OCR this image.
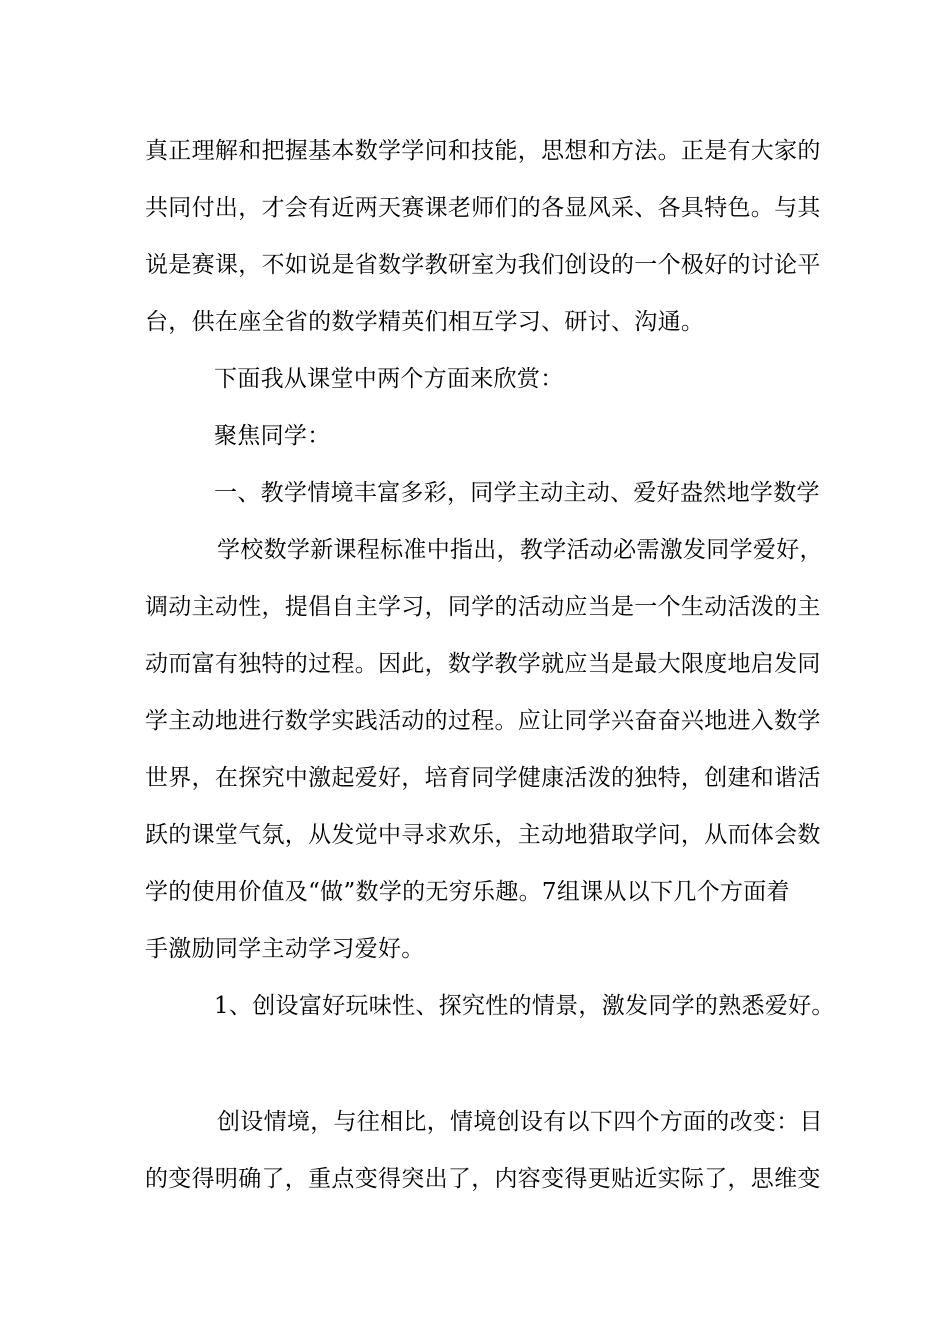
真正理解和把握基本数学学问和技能，思想和方法。正是有大家的
共同付出，才会有近两天赛课老师们的各显风采、各具特色。与其
说是赛课，不如说是省数学教研室为我们创设的一个极好的讨论平
台，供在座全省的数学精英们相互学习、研讨、沟通。
下面我从课堂中两个方面来欣赏：
聚焦同学：
一、教学情境丰富多彩，同学主动主动、爱好盎然地学数学
学校数学新课程标准中指出，教学活动必需激发同学爱好，
调动主动性，提倡自主学习，同学的活动应当是一个生动活泼的主
动而富有独特的过程。因此，数学教学就应当是最大限度地启发同
学主动地进行数学实践活动的过程。应让同学兴奋奋兴地进入数学
世界，在探究中激起爱好，培育同学健康活泼的独特，创建和谐活
跃的课堂气氛，从发觉中寻求欢乐，主动地猎取学问，从而体会数
学的使用价值及“做”数学的无穷乐趣。7组课从以下几个方面着
手激励同学主动学习爱好。
1、创设富好玩味性、探究性的情景，激发同学的熟悉爱好。
创设情境，与往相比，情境创设有以下四个方面的改变：目
的变得明确了，重点变得突出了，内容变得更贴近实际了，思维变
